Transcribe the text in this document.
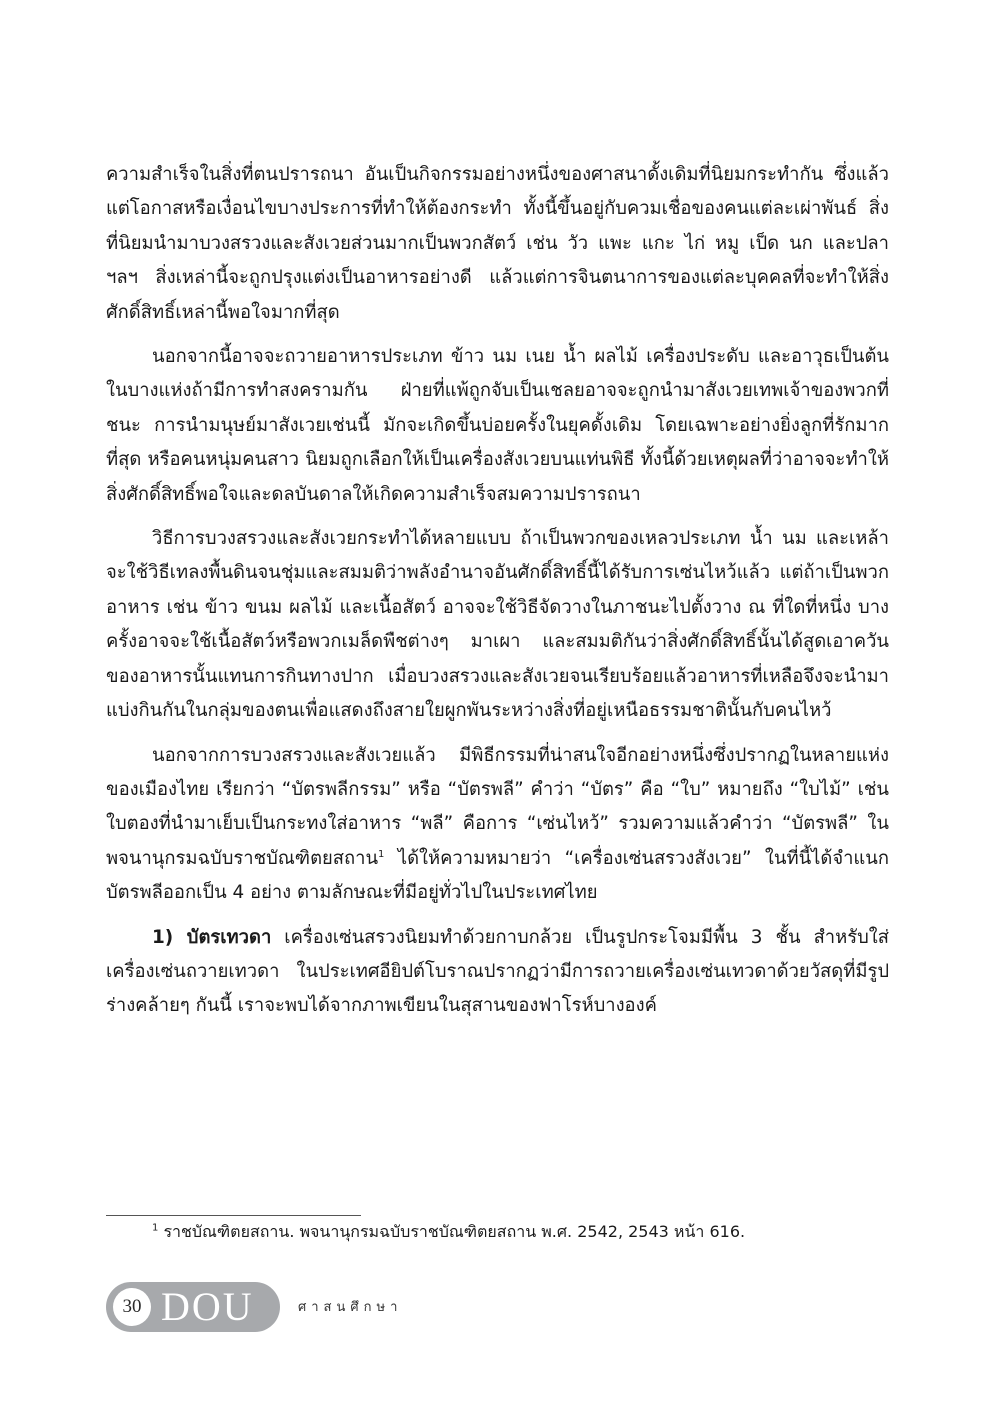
ความสำเร็จในสิ่งที่ตนปรารถนา อันเป็นกิจกรรมอย่างหนึ่งของศาสนาดั้งเดิมที่นิยมกระทำกัน ซึ่งแล้วแต่โอกาสหรือเงื่อนไขบางประการที่ทำให้ต้องกระทำ ทั้งนี้ขึ้นอยู่กับควมเชื่อของคนแต่ละเผ่าพันธ์ สิ่งที่นิยมนำมาบวงสรวงและสังเวยส่วนมากเป็นพวกสัตว์ เช่น วัว แพะ แกะ ไก่ หมู เป็ด นก และปลา ฯลฯ สิ่งเหล่านี้จะถูกปรุงแต่งเป็นอาหารอย่างดี แล้วแต่การจินตนาการของแต่ละบุคคลที่จะทำให้สิ่งศักดิ์สิทธิ์เหล่านี้พอใจมากที่สุด

นอกจากนี้อาจจะถวายอาหารประเภท ข้าว นม เนย น้ำ ผลไม้ เครื่องประดับ และอาวุธเป็นต้น ในบางแห่งถ้ามีการทำสงครามกัน ฝ่ายที่แพ้ถูกจับเป็นเชลยอาจจะถูกนำมาสังเวยเทพเจ้าของพวกที่ชนะ การนำมนุษย์มาสังเวยเช่นนี้ มักจะเกิดขึ้นบ่อยครั้งในยุคดั้งเดิม โดยเฉพาะอย่างยิ่งลูกที่รักมากที่สุด หรือคนหนุ่มคนสาว นิยมถูกเลือกให้เป็นเครื่องสังเวยบนแท่นพิธี ทั้งนี้ด้วยเหตุผลที่ว่าอาจจะทำให้สิ่งศักดิ์สิทธิ์พอใจและดลบันดาลให้เกิดความสำเร็จสมความปรารถนา

วิธีการบวงสรวงและสังเวยกระทำได้หลายแบบ ถ้าเป็นพวกของเหลวประเภท น้ำ นม และเหล้า จะใช้วิธีเทลงพื้นดินจนชุ่มและสมมติว่าพลังอำนาจอันศักดิ์สิทธิ์นี้ได้รับการเซ่นไหว้แล้ว แต่ถ้าเป็นพวกอาหาร เช่น ข้าว ขนม ผลไม้ และเนื้อสัตว์ อาจจะใช้วิธีจัดวางในภาชนะไปตั้งวาง ณ ที่ใดที่หนึ่ง บางครั้งอาจจะใช้เนื้อสัตว์หรือพวกเมล็ดพืชต่างๆ มาเผา และสมมติกันว่าสิ่งศักดิ์สิทธิ์นั้นได้สูดเอาควันของอาหารนั้นแทนการกินทางปาก เมื่อบวงสรวงและสังเวยจนเรียบร้อยแล้วอาหารที่เหลือจึงจะนำมาแบ่งกินกันในกลุ่มของตนเพื่อแสดงถึงสายใยผูกพันระหว่างสิ่งที่อยู่เหนือธรรมชาตินั้นกับคนไหว้

นอกจากการบวงสรวงและสังเวยแล้ว มีพิธีกรรมที่น่าสนใจอีกอย่างหนึ่งซึ่งปรากฏในหลายแห่งของเมืองไทย เรียกว่า “บัตรพลีกรรม” หรือ “บัตรพลี” คำว่า “บัตร” คือ “ใบ” หมายถึง “ใบไม้” เช่น ใบตองที่นำมาเย็บเป็นกระทงใส่อาหาร “พลี” คือการ “เซ่นไหว้” รวมความแล้วคำว่า “บัตรพลี” ในพจนานุกรมฉบับราชบัณฑิตยสถาน$^1$ ได้ให้ความหมายว่า “เครื่องเซ่นสรวงสังเวย” ในที่นี้ได้จำแนกบัตรพลีออกเป็น 4 อย่าง ตามลักษณะที่มีอยู่ทั่วไปในประเทศไทย

1) บัตรเทวดา เครื่องเซ่นสรวงนิยมทำด้วยกาบกล้วย เป็นรูปกระโจมมีพื้น 3 ชั้น สำหรับใส่เครื่องเซ่นถวายเทวดา ในประเทศอียิปต์โบราณปรากฏว่ามีการถวายเครื่องเซ่นเทวดาด้วยวัสดุที่มีรูปร่างคล้ายๆ กันนี้ เราจะพบได้จากภาพเขียนในสุสานของฟาโรห์บางองค์

$^1$ ราชบัณฑิตยสถาน. พจนานุกรมฉบับราชบัณฑิตยสถาน พ.ศ. 2542, 2543 หน้า 616.
30 DOU	ศาสนศึกษา
